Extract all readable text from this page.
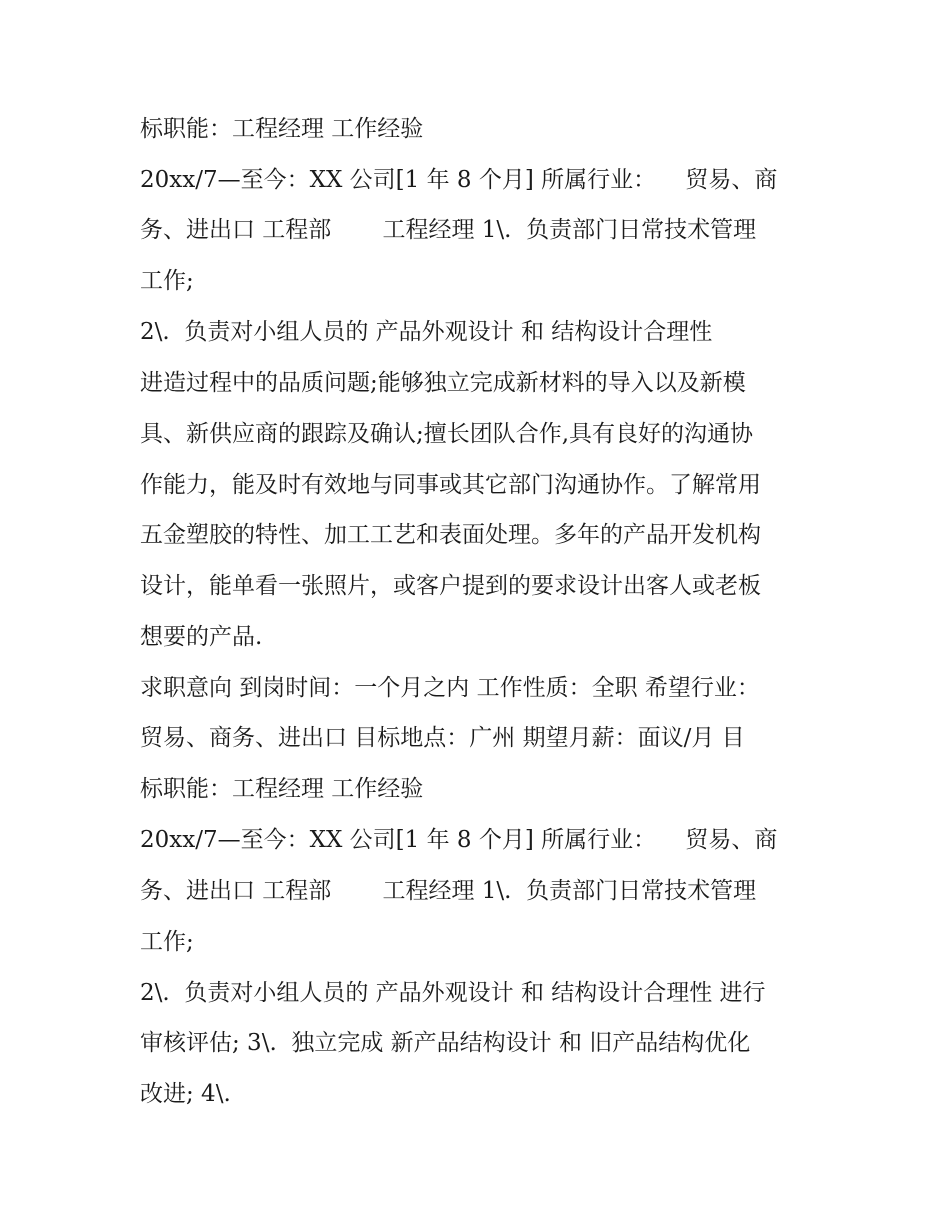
标职能：工程经理 工作经验
20xx/7—至今：XX 公司[1 年 8 个月] 所属行业：    贸易、商
务、进出口 工程部       工程经理 1\.  负责部门日常技术管理
工作;
2\.  负责对小组人员的 产品外观设计 和 结构设计合理性
进造过程中的品质问题;能够独立完成新材料的导入以及新模
具、新供应商的跟踪及确认;擅长团队合作,具有良好的沟通协
作能力，能及时有效地与同事或其它部门沟通协作。了解常用
五金塑胶的特性、加工工艺和表面处理。多年的产品开发机构
设计，能单看一张照片，或客户提到的要求设计出客人或老板
想要的产品.
求职意向 到岗时间：一个月之内 工作性质：全职 希望行业：
贸易、商务、进出口 目标地点：广州 期望月薪：面议/月 目
标职能：工程经理 工作经验
20xx/7—至今：XX 公司[1 年 8 个月] 所属行业：    贸易、商
务、进出口 工程部       工程经理 1\.  负责部门日常技术管理
工作;
2\.  负责对小组人员的 产品外观设计 和 结构设计合理性 进行
审核评估; 3\.  独立完成 新产品结构设计 和 旧产品结构优化
改进; 4\.
